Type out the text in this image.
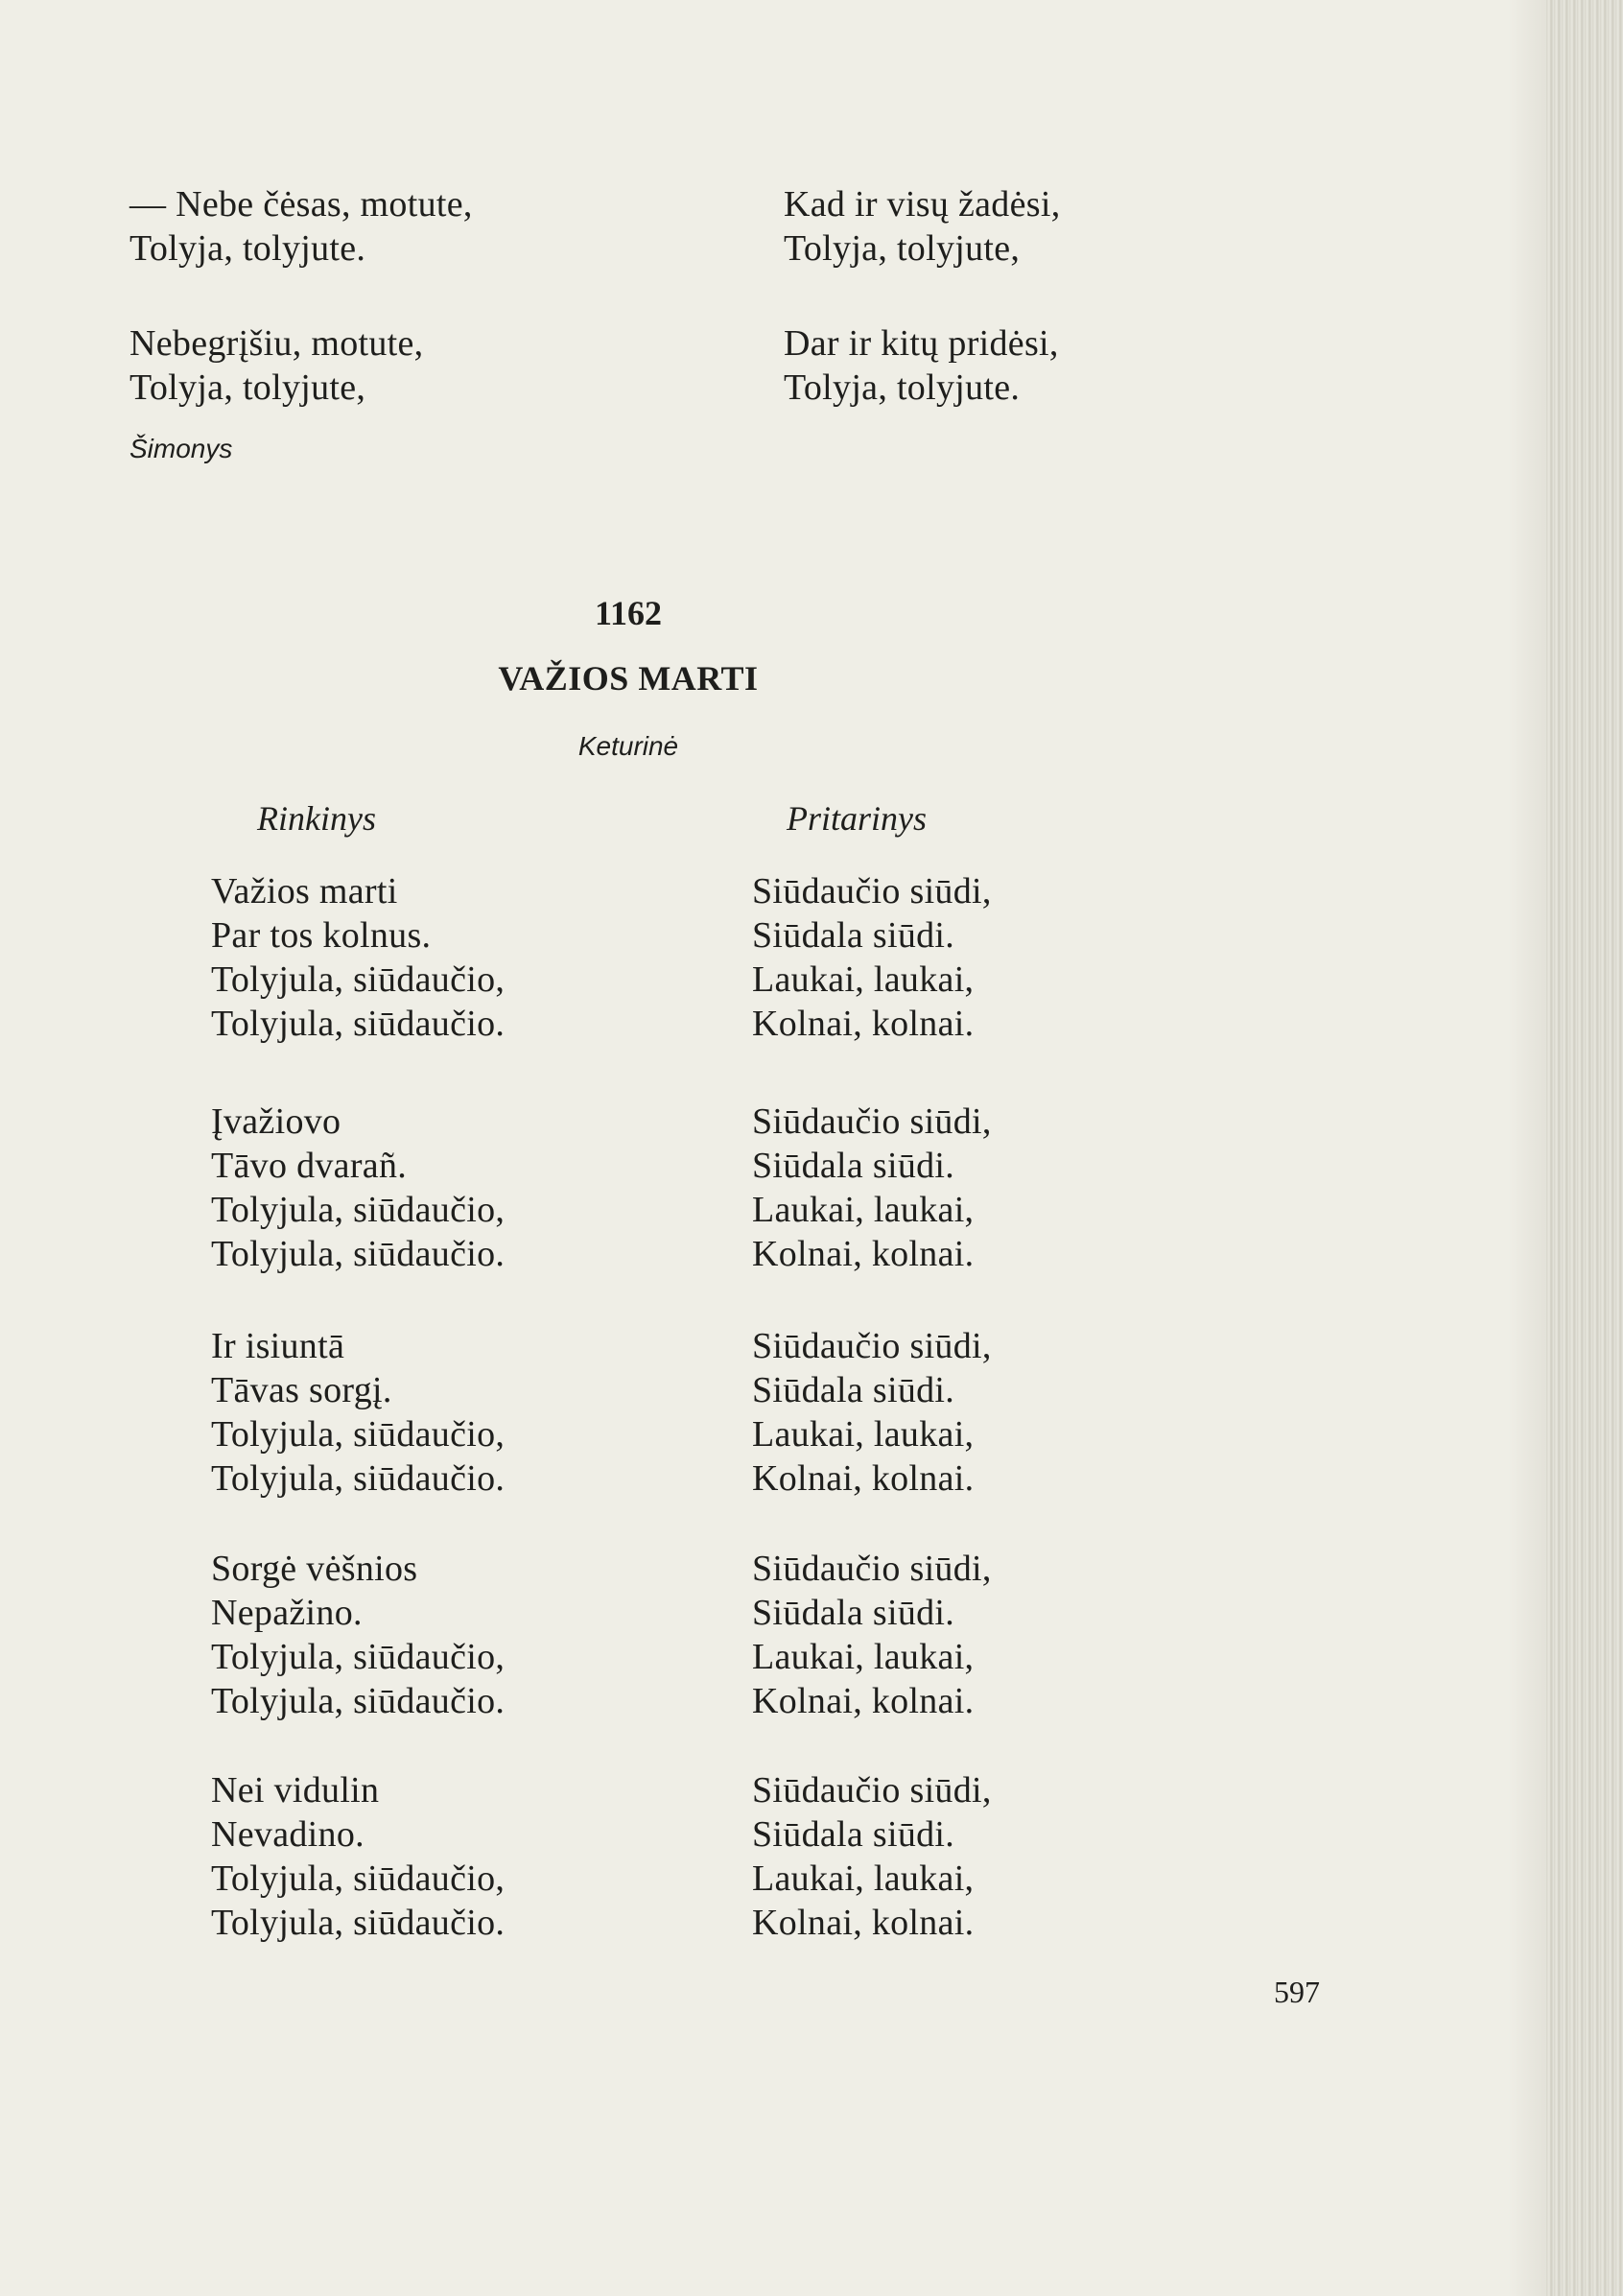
— Nebe čėsas, motute,
Tolyja, tolyjute.
Nebegrįšiu, motute,
Tolyja, tolyjute,
Kad ir visų žadėsi,
Tolyja, tolyjute,
Dar ir kitų pridėsi,
Tolyja, tolyjute.
Šimonys
1162
VAŽIOS MARTI
Keturinė
Rinkinys	Pritarinys
Važios marti
Par tos kolnus.
Tolyjula, siūdaučio,
Tolyjula, siūdaučio.
Įvažiovo
Tāvo dvarañ.
Tolyjula, siūdaučio,
Tolyjula, siūdaučio.
Ir isiuntā
Tāvas sorgį.
Tolyjula, siūdaučio,
Tolyjula, siūdaučio.
Sorgė vėšnios
Nepažino.
Tolyjula, siūdaučio,
Tolyjula, siūdaučio.
Nei vidulin
Nevadino.
Tolyjula, siūdaučio,
Tolyjula, siūdaučio.
Siūdaučio siūdi,
Siūdala siūdi.
Laukai, laukai,
Kolnai, kolnai.
Siūdaučio siūdi,
Siūdala siūdi.
Laukai, laukai,
Kolnai, kolnai.
Siūdaučio siūdi,
Siūdala siūdi.
Laukai, laukai,
Kolnai, kolnai.
Siūdaučio siūdi,
Siūdala siūdi.
Laukai, laukai,
Kolnai, kolnai.
Siūdaučio siūdi,
Siūdala siūdi.
Laukai, laukai,
Kolnai, kolnai.
597
